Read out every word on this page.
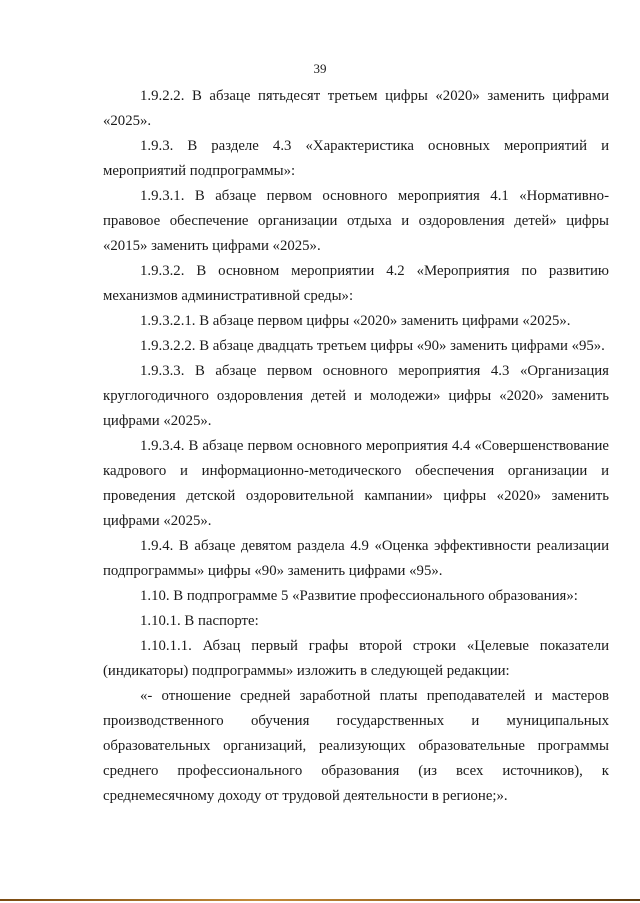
39

1.9.2.2. В абзаце пятьдесят третьем цифры «2020» заменить цифрами «2025».

1.9.3. В разделе 4.3 «Характеристика основных мероприятий и мероприятий подпрограммы»:

1.9.3.1. В абзаце первом основного мероприятия 4.1 «Нормативно-правовое обеспечение организации отдыха и оздоровления детей» цифры «2015» заменить цифрами «2025».

1.9.3.2. В основном мероприятии 4.2 «Мероприятия по развитию механизмов административной среды»:

1.9.3.2.1. В абзаце первом цифры «2020» заменить цифрами «2025».

1.9.3.2.2. В абзаце двадцать третьем цифры «90» заменить цифрами «95».

1.9.3.3. В абзаце первом основного мероприятия 4.3 «Организация круглогодичного оздоровления детей и молодежи» цифры «2020» заменить цифрами «2025».

1.9.3.4. В абзаце первом основного мероприятия 4.4 «Совершенствование кадрового и информационно-методического обеспечения организации и проведения детской оздоровительной кампании» цифры «2020» заменить цифрами «2025».

1.9.4. В абзаце девятом раздела 4.9 «Оценка эффективности реализации подпрограммы» цифры «90» заменить цифрами «95».

1.10. В подпрограмме 5 «Развитие профессионального образования»:

1.10.1. В паспорте:

1.10.1.1. Абзац первый графы второй строки «Целевые показатели (индикаторы) подпрограммы» изложить в следующей редакции:

«- отношение средней заработной платы преподавателей и мастеров производственного обучения государственных и муниципальных образовательных организаций, реализующих образовательные программы среднего профессионального образования (из всех источников), к среднемесячному доходу от трудовой деятельности в регионе;».
